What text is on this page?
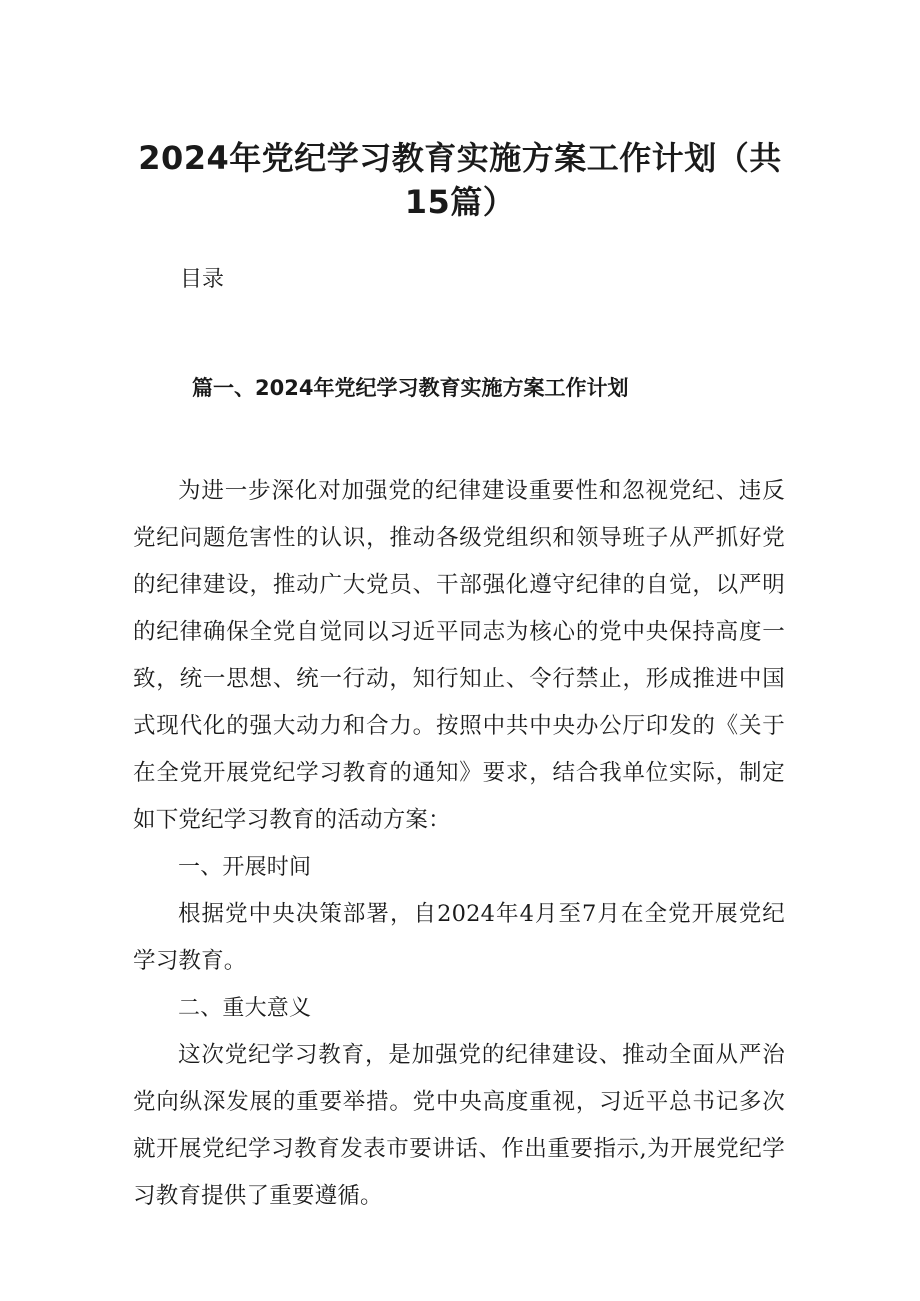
2024年党纪学习教育实施方案工作计划（共15篇）
目录
篇一、2024年党纪学习教育实施方案工作计划

为进一步深化对加强党的纪律建设重要性和忽视党纪、违反党纪问题危害性的认识，推动各级党组织和领导班子从严抓好党的纪律建设，推动广大党员、干部强化遵守纪律的自觉，以严明的纪律确保全党自觉同以习近平同志为核心的党中央保持高度一致，统一思想、统一行动，知行知止、令行禁止，形成推进中国式现代化的强大动力和合力。按照中共中央办公厅印发的《关于在全党开展党纪学习教育的通知》要求，结合我单位实际，制定如下党纪学习教育的活动方案：

一、开展时间

根据党中央决策部署，自2024年4月至7月在全党开展党纪学习教育。

二、重大意义

这次党纪学习教育，是加强党的纪律建设、推动全面从严治党向纵深发展的重要举措。党中央高度重视，习近平总书记多次就开展党纪学习教育发表市要讲话、作出重要指示,为开展党纪学习教育提供了重要遵循。
